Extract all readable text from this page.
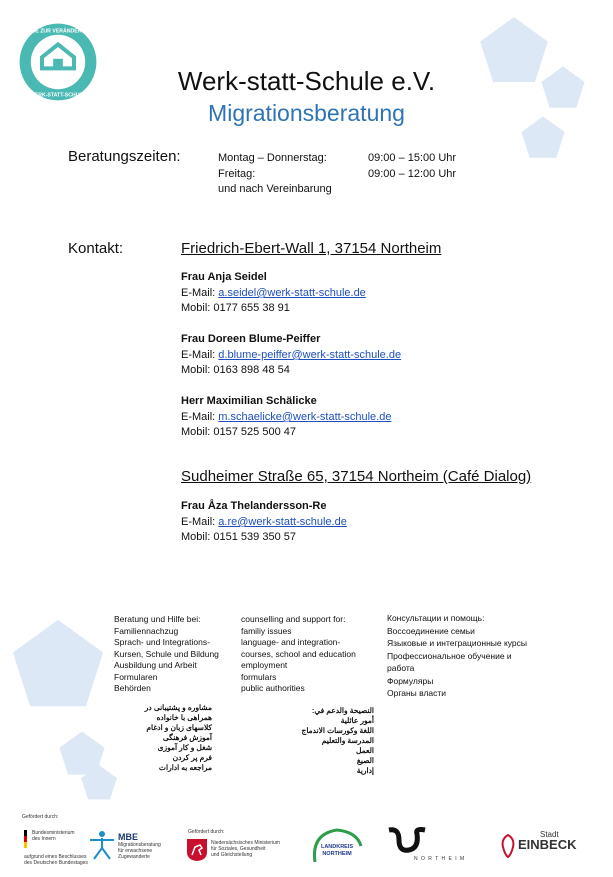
WEGE ZUR VERÄNDERUNG
WERK-STATT-SCHULE	Werk-statt-Schule e.V.
Migrationsberatung
Beratungszeiten:	Montag – Donnerstag:	09:00 – 15:00 Uhr
Freitag:	09:00 – 12:00 Uhr
und nach Vereinbarung
Kontakt:	Friedrich-Ebert-Wall 1, 37154 Northeim
Frau Anja Seidel
E-Mail: a.seidel@werk-statt-schule.de
Mobil: 0177 655 38 91
Frau Doreen Blume-Peiffer
E-Mail: d.blume-peiffer@werk-statt-schule.de
Mobil: 0163 898 48 54
Herr Maximilian Schälicke
E-Mail: m.schaelicke@werk-statt-schule.de
Mobil: 0157 525 500 47
Sudheimer Straße 65, 37154 Northeim (Café Dialog)
Frau Åza Thelandersson-Re
E-Mail: a.re@werk-statt-schule.de
Mobil: 0151 539 350 57
Beratung und Hilfe bei:
Familiennachzug
Sprach- und Integrations-
Kursen, Schule und Bildung
Ausbildung und Arbeit
Formularen
Behörden
counselling and support for:
familiy issues
language- and integration-
courses, school and education
employment
formulars
public authorities
Консультации и помощь:
Воссоединение семьи
Языковые и интеграционные курсы
Профессиональное обучение и
работа
Формуляры
Органы власти
مشاوره و پشتیبانی در
همراهی با خانواده
کلاسهای زبان و ادغام
آموزش فرهنگی
شغل و کار آموزی
فرم پر کردن
مراجعه به ادارات
النصيحة والدعم في:
أمور عائلية
اللغة وكورسات الاندماج
المدرسة والتعليم
العمل
الصيغ
إدارية
Gefördert durch:
Bundesministerium
des Innern
aufgrund eines Beschlusses
des Deutschen Bundestages
MBE
Migrationsberatung
für erwachsene
Zugewanderte
Gefördert durch:
Niedersächsisches Ministerium
für Soziales, Gesundheit
und Gleichstellung
LANDKREIS
NORTHEIM
N O R T H E I M
Stadt
EINBECK
